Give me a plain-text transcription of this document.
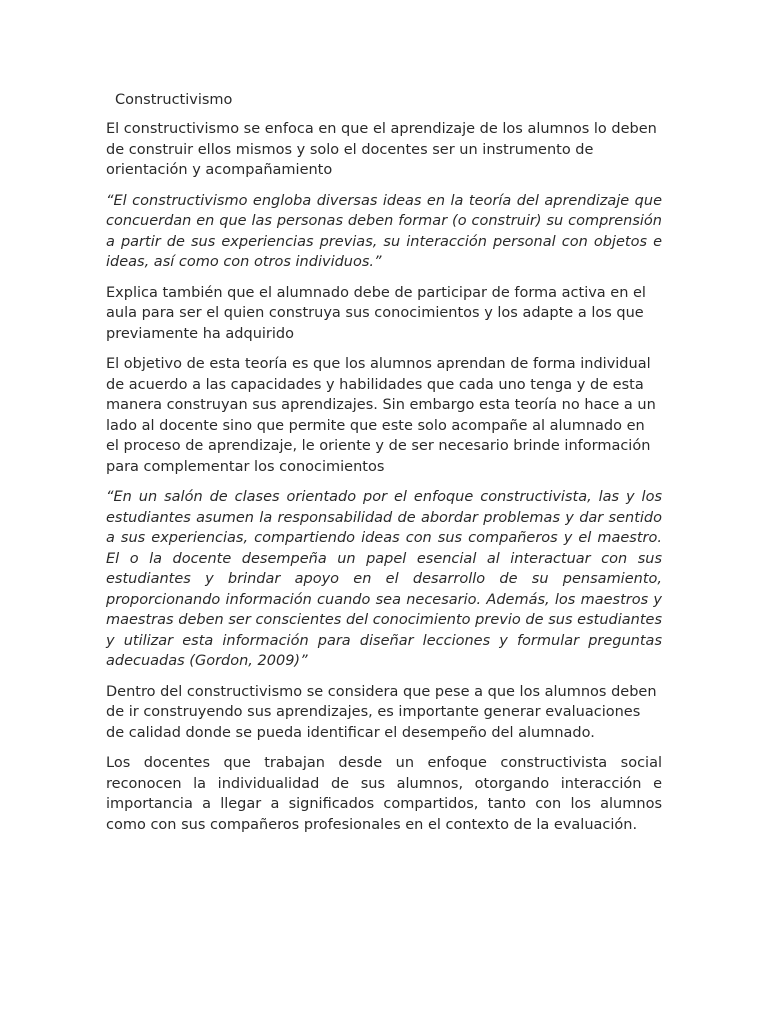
Constructivismo

El constructivismo se enfoca en que el aprendizaje de los alumnos lo deben de construir ellos mismos y solo el docentes ser un instrumento de orientación y acompañamiento

“El constructivismo engloba diversas ideas en la teoría del aprendizaje que concuerdan en que las personas deben formar (o construir) su comprensión a partir de sus experiencias previas, su interacción personal con objetos e ideas, así como con otros individuos.”

Explica también que el alumnado debe de participar de forma activa en el aula para ser el quien construya sus conocimientos y los adapte a los que previamente ha adquirido

El objetivo de esta teoría es que los alumnos aprendan de forma individual de acuerdo a las capacidades y habilidades que cada uno tenga y de esta manera construyan sus aprendizajes. Sin embargo esta teoría no hace a un lado al docente sino que permite que este solo acompañe al alumnado en el proceso de aprendizaje, le oriente y de ser necesario brinde información para complementar los conocimientos

“En un salón de clases orientado por el enfoque constructivista, las y los estudiantes asumen la responsabilidad de abordar problemas y dar sentido a sus experiencias, compartiendo ideas con sus compañeros y el maestro. El o la docente desempeña un papel esencial al interactuar con sus estudiantes y brindar apoyo en el desarrollo de su pensamiento, proporcionando información cuando sea necesario. Además, los maestros y maestras deben ser conscientes del conocimiento previo de sus estudiantes y utilizar esta información para diseñar lecciones y formular preguntas adecuadas (Gordon, 2009)”

Dentro del constructivismo se considera que pese a que los alumnos deben de ir construyendo sus aprendizajes, es importante generar evaluaciones de calidad donde se pueda identificar el desempeño del alumnado.

Los docentes que trabajan desde un enfoque constructivista social reconocen la individualidad de sus alumnos, otorgando interacción e importancia a llegar a significados compartidos, tanto con los alumnos como con sus compañeros profesionales en el contexto de la evaluación.
